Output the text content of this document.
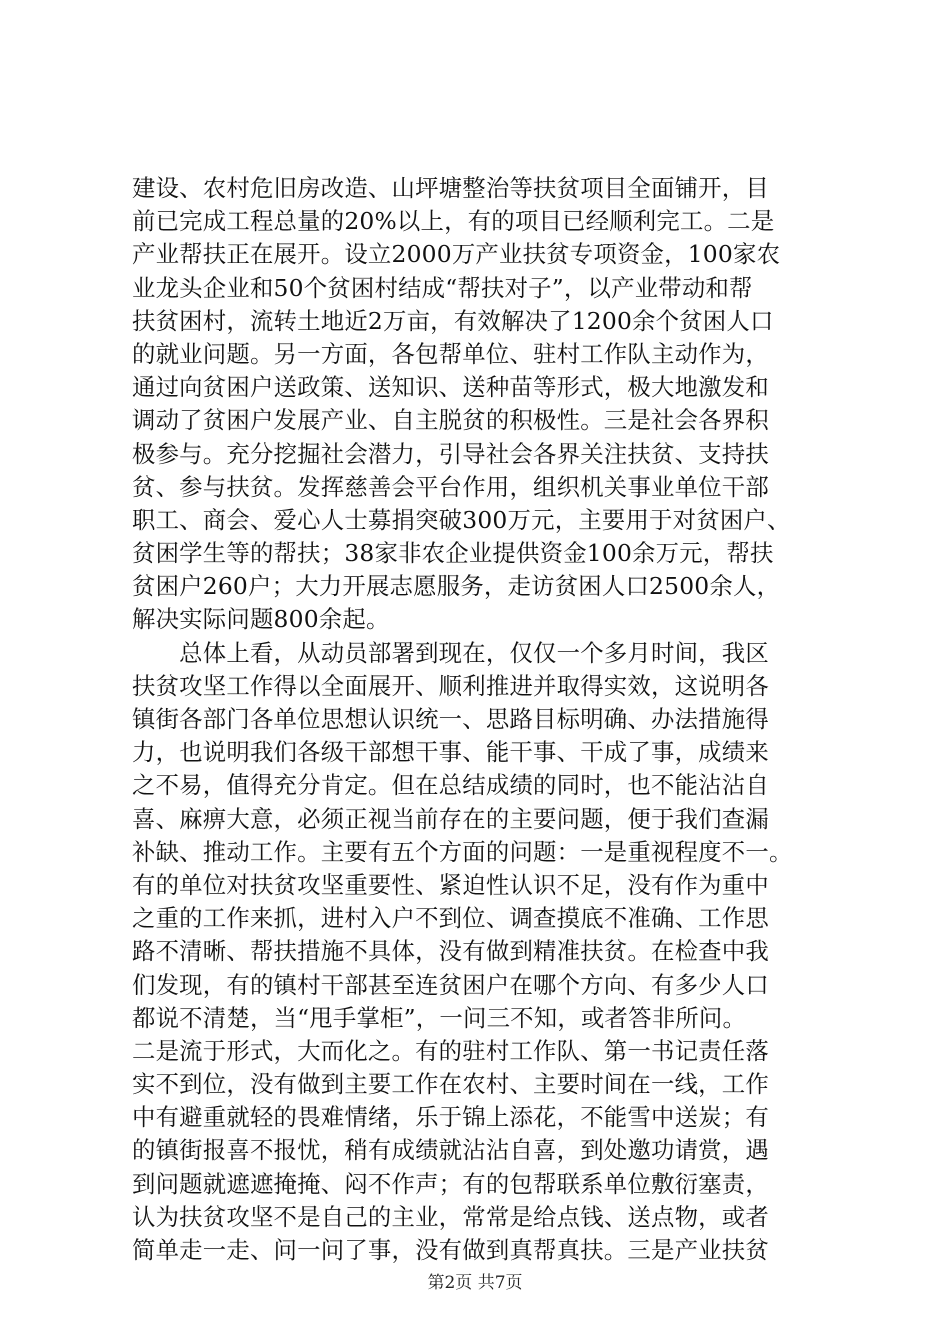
建设、农村危旧房改造、山坪塘整治等扶贫项目全面铺开，目
前已完成工程总量的20%以上，有的项目已经顺利完工。二是
产业帮扶正在展开。设立2000万产业扶贫专项资金，100家农
业龙头企业和50个贫困村结成“帮扶对子”，以产业带动和帮
扶贫困村，流转土地近2万亩，有效解决了1200余个贫困人口
的就业问题。另一方面，各包帮单位、驻村工作队主动作为，
通过向贫困户送政策、送知识、送种苗等形式，极大地激发和
调动了贫困户发展产业、自主脱贫的积极性。三是社会各界积
极参与。充分挖掘社会潜力，引导社会各界关注扶贫、支持扶
贫、参与扶贫。发挥慈善会平台作用，组织机关事业单位干部
职工、商会、爱心人士募捐突破300万元，主要用于对贫困户、
贫困学生等的帮扶；38家非农企业提供资金100余万元，帮扶
贫困户260户；大力开展志愿服务，走访贫困人口2500余人，
解决实际问题800余起。
　　总体上看，从动员部署到现在，仅仅一个多月时间，我区
扶贫攻坚工作得以全面展开、顺利推进并取得实效，这说明各
镇街各部门各单位思想认识统一、思路目标明确、办法措施得
力，也说明我们各级干部想干事、能干事、干成了事，成绩来
之不易，值得充分肯定。但在总结成绩的同时，也不能沾沾自
喜、麻痹大意，必须正视当前存在的主要问题，便于我们查漏
补缺、推动工作。主要有五个方面的问题：一是重视程度不一。
有的单位对扶贫攻坚重要性、紧迫性认识不足，没有作为重中
之重的工作来抓，进村入户不到位、调查摸底不准确、工作思
路不清晰、帮扶措施不具体，没有做到精准扶贫。在检查中我
们发现，有的镇村干部甚至连贫困户在哪个方向、有多少人口
都说不清楚，当“甩手掌柜”，一问三不知，或者答非所问。
二是流于形式，大而化之。有的驻村工作队、第一书记责任落
实不到位，没有做到主要工作在农村、主要时间在一线，工作
中有避重就轻的畏难情绪，乐于锦上添花，不能雪中送炭；有
的镇街报喜不报忧，稍有成绩就沾沾自喜，到处邀功请赏，遇
到问题就遮遮掩掩、闷不作声；有的包帮联系单位敷衍塞责，
认为扶贫攻坚不是自己的主业，常常是给点钱、送点物，或者
简单走一走、问一问了事，没有做到真帮真扶。三是产业扶贫
第2页 共7页
